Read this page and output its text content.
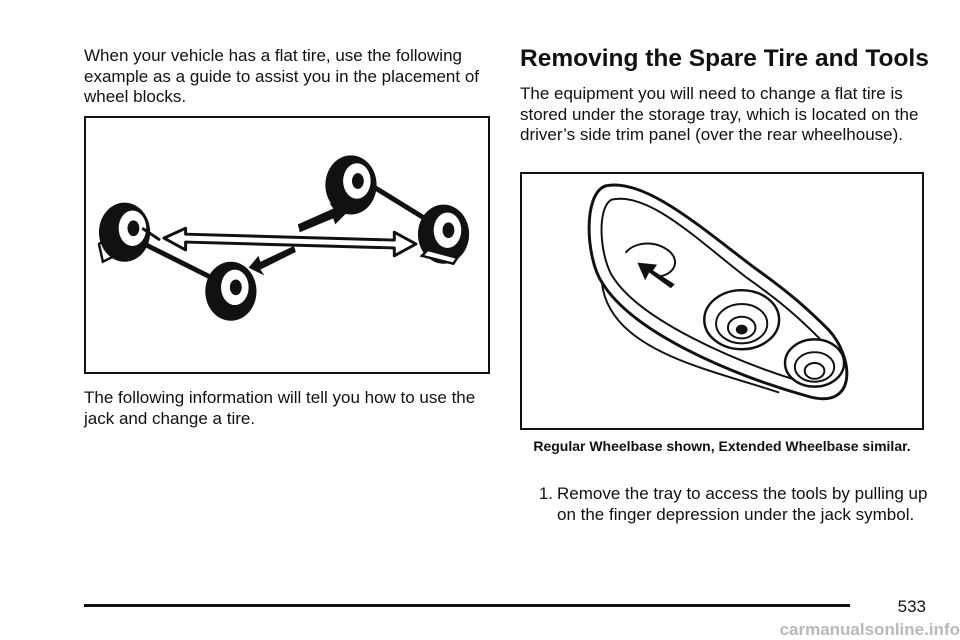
When your vehicle has a flat tire, use the following example as a guide to assist you in the placement of wheel blocks.

The following information will tell you how to use the jack and change a tire.

Removing the Spare Tire and Tools

The equipment you will need to change a flat tire is stored under the storage tray, which is located on the driver’s side trim panel (over the rear wheelhouse).

Regular Wheelbase shown, Extended Wheelbase similar.

1. Remove the tray to access the tools by pulling up on the finger depression under the jack symbol.
533
carmanualsonline.info
